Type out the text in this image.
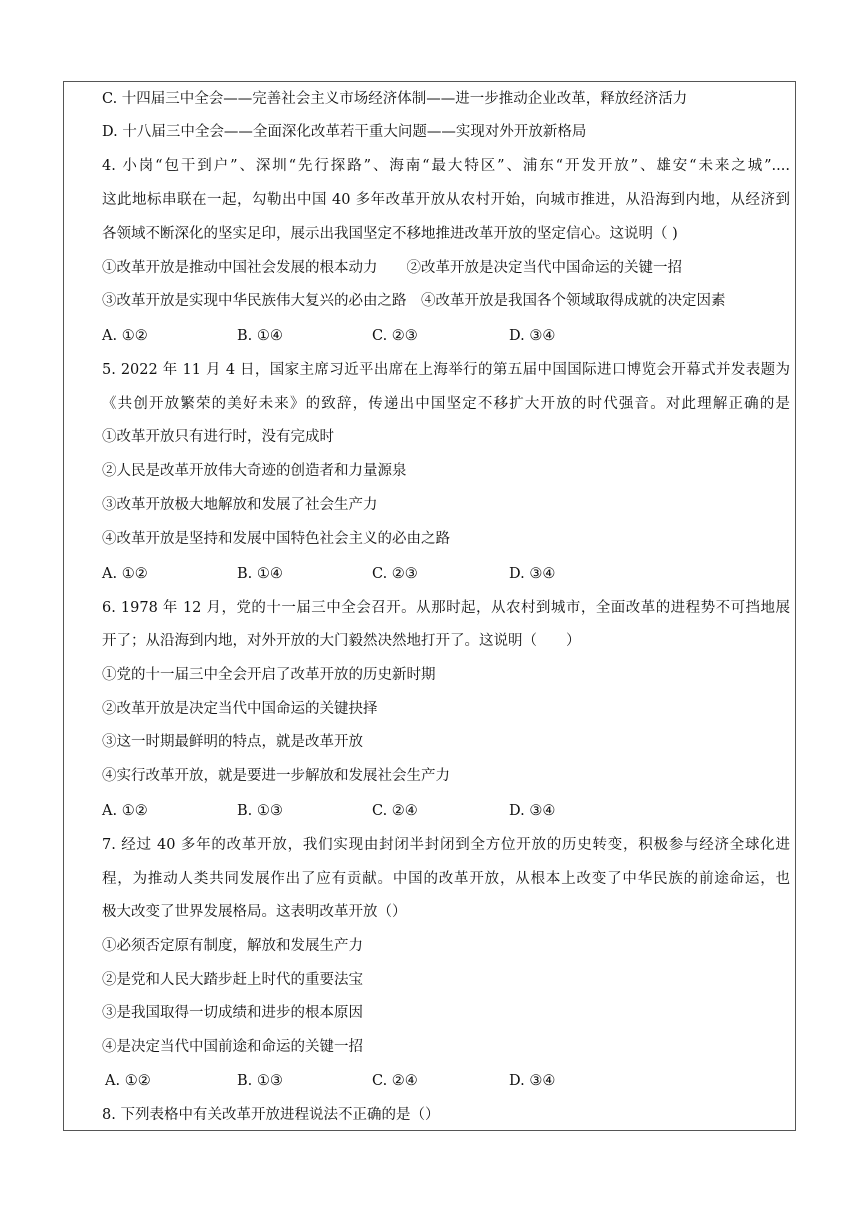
C. 十四届三中全会——完善社会主义市场经济体制——进一步推动企业改革，释放经济活力
D. 十八届三中全会——全面深化改革若干重大问题——实现对外开放新格局
4. 小岗“包干到户”、深圳“先行探路”、海南“最大特区”、浦东“开发开放”、雄安“未来之城”....
这此地标串联在一起，勾勒出中国 40 多年改革开放从农村开始，向城市推进，从沿海到内地，从经济到
各领域不断深化的坚实足印，展示出我国坚定不移地推进改革开放的坚定信心。这说明（ )
①改革开放是推动中国社会发展的根本动力　　②改革开放是决定当代中国命运的关键一招
③改革开放是实现中华民族伟大复兴的必由之路　④改革开放是我国各个领域取得成就的决定因素
A. ①②	B. ①④	C. ②③	D. ③④
5. 2022 年 11 月 4 日，国家主席习近平出席在上海举行的第五届中国国际进口博览会开幕式并发表题为
《共创开放繁荣的美好未来》的致辞，传递出中国坚定不移扩大开放的时代强音。对此理解正确的是
①改革开放只有进行时，没有完成时
②人民是改革开放伟大奇迹的创造者和力量源泉
③改革开放极大地解放和发展了社会生产力
④改革开放是坚持和发展中国特色社会主义的必由之路
A. ①②	B. ①④	C. ②③	D. ③④
6. 1978 年 12 月，党的十一届三中全会召开。从那时起，从农村到城市，全面改革的进程势不可挡地展
开了；从沿海到内地，对外开放的大门毅然决然地打开了。这说明（　　）
①党的十一届三中全会开启了改革开放的历史新时期
②改革开放是决定当代中国命运的关键抉择
③这一时期最鲜明的特点，就是改革开放
④实行改革开放，就是要进一步解放和发展社会生产力
A. ①②	B. ①③	C. ②④	D. ③④
7. 经过 40 多年的改革开放，我们实现由封闭半封闭到全方位开放的历史转变，积极参与经济全球化进
程，为推动人类共同发展作出了应有贡献。中国的改革开放，从根本上改变了中华民族的前途命运，也
极大改变了世界发展格局。这表明改革开放（）
①必须否定原有制度，解放和发展生产力
②是党和人民大踏步赶上时代的重要法宝
③是我国取得一切成绩和进步的根本原因
④是决定当代中国前途和命运的关键一招
A. ①②	B. ①③	C. ②④	D. ③④
8. 下列表格中有关改革开放进程说法不正确的是（）
